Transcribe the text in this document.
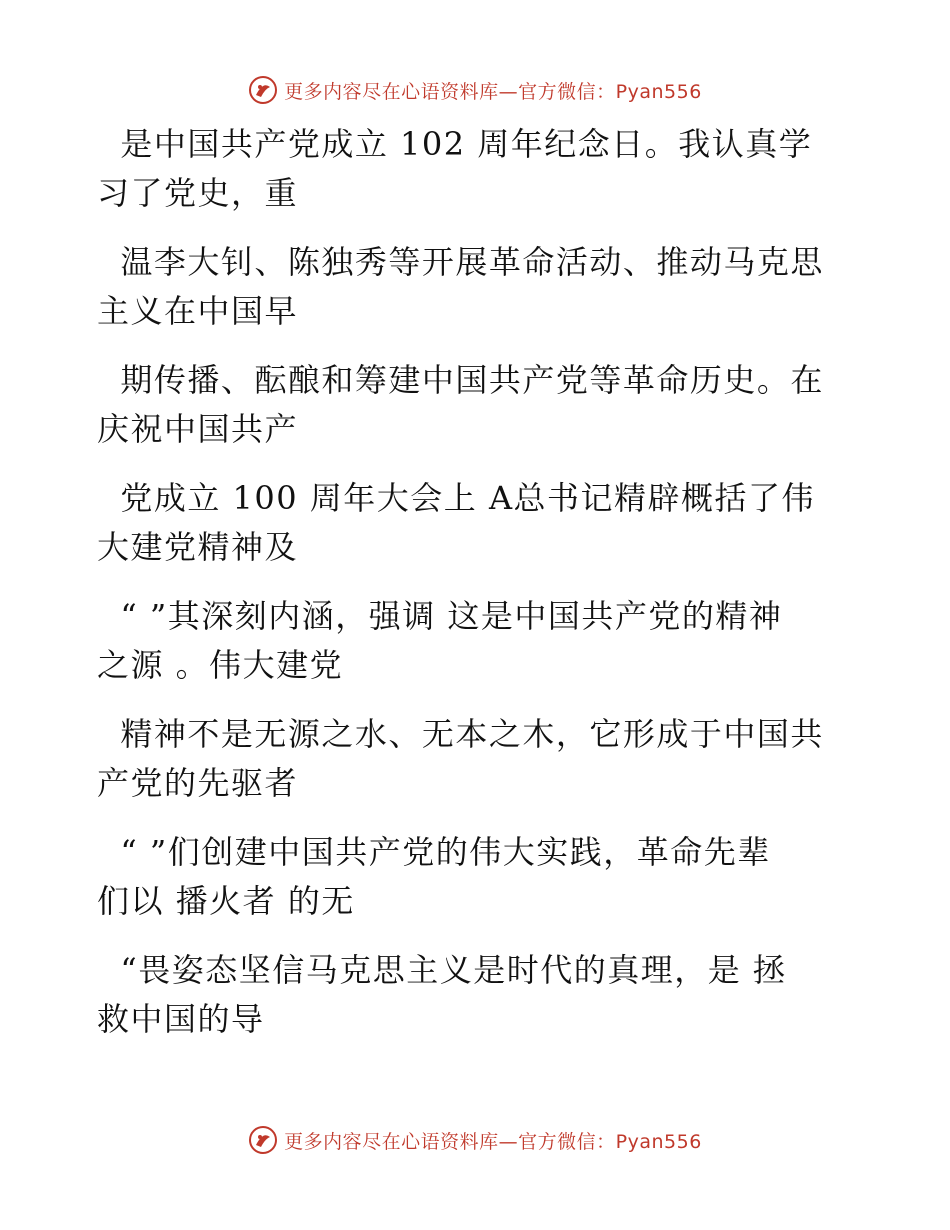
更多内容尽在心语资料库—官方微信：Pyan556
是中国共产党成立 102 周年纪念日。我认真学
习了党史，重
温李大钊、陈独秀等开展革命活动、推动马克思
主义在中国早
期传播、酝酿和筹建中国共产党等革命历史。在
庆祝中国共产
党成立 100 周年大会上 A总书记精辟概括了伟
大建党精神及
“ ”其深刻内涵，强调 这是中国共产党的精神
之源 。伟大建党
精神不是无源之水、无本之木，它形成于中国共
产党的先驱者
“ ”们创建中国共产党的伟大实践，革命先辈
们以 播火者 的无
“畏姿态坚信马克思主义是时代的真理，是 拯
救中国的导
更多内容尽在心语资料库—官方微信：Pyan556
